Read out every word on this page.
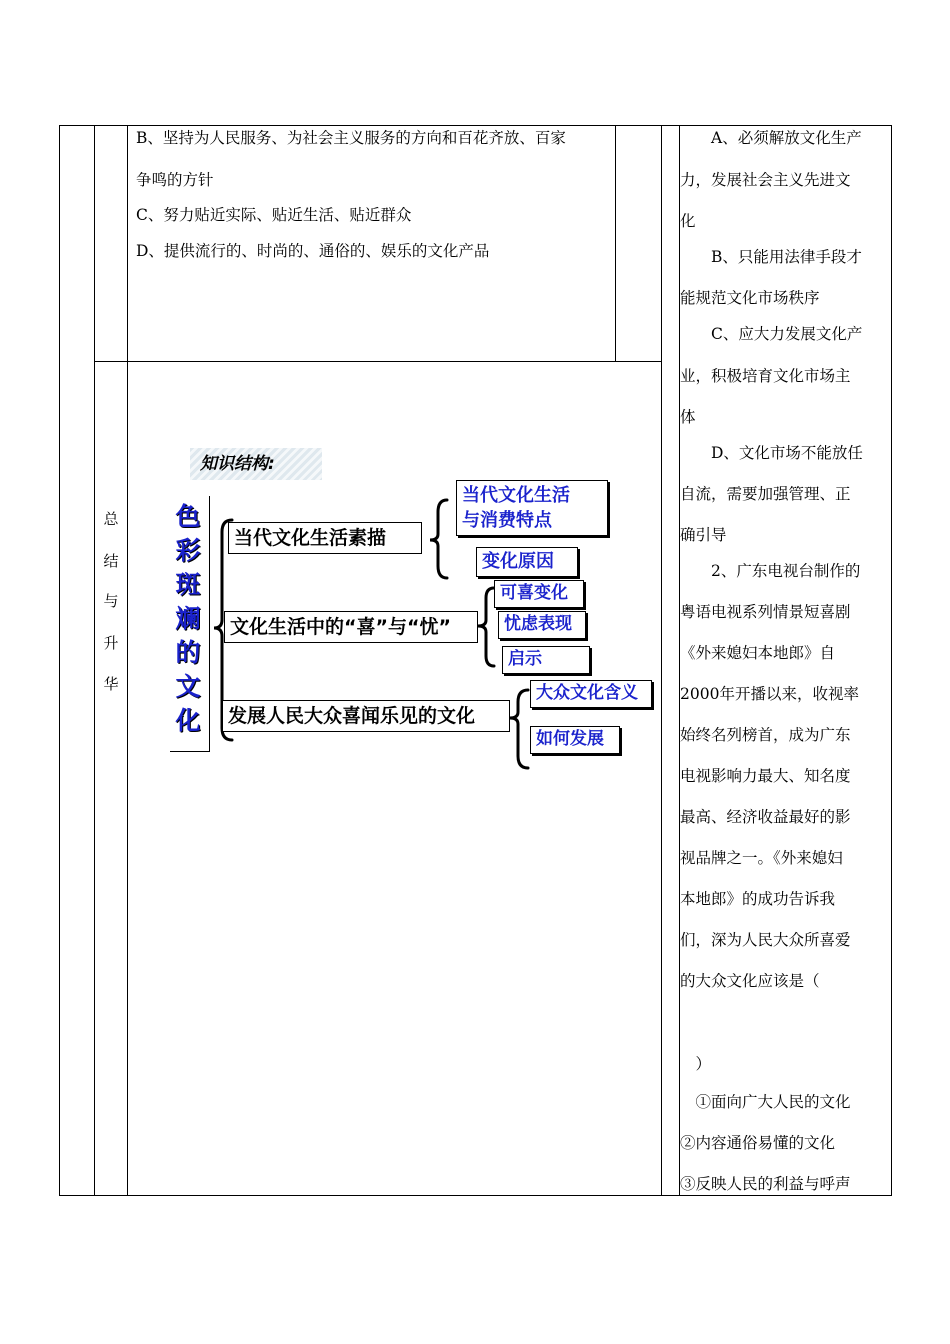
B、坚持为人民服务、为社会主义服务的方向和百花齐放、百家
争鸣的方针
C、努力贴近实际、贴近生活、贴近群众
D、提供流行的、时尚的、通俗的、娱乐的文化产品
总
结
与
升
华
　　A、必须解放文化生产
力，发展社会主义先进文
化
　　B、只能用法律手段才
能规范文化市场秩序
　　C、应大力发展文化产
业，积极培育文化市场主
体
　　D、文化市场不能放任
自流，需要加强管理、正
确引导
　　2、广东电视台制作的
粤语电视系列情景短喜剧
《外来媳妇本地郎》自
2000年开播以来，收视率
始终名列榜首，成为广东
电视影响力最大、知名度
最高、经济收益最好的影
视品牌之一。《外来媳妇
本地郎》的成功告诉我
们，深为人民大众所喜爱
的大众文化应该是（
　）
　①面向广大人民的文化
②内容通俗易懂的文化
③反映人民的利益与呼声
知识结构:
色
彩
斑
斓
的
文
化
当代文化生活素描
文化生活中的“喜”与“忧”
发展人民大众喜闻乐见的文化
当代文化生活
与消费特点
变化原因
可喜变化
忧虑表现
启示
大众文化含义
如何发展
